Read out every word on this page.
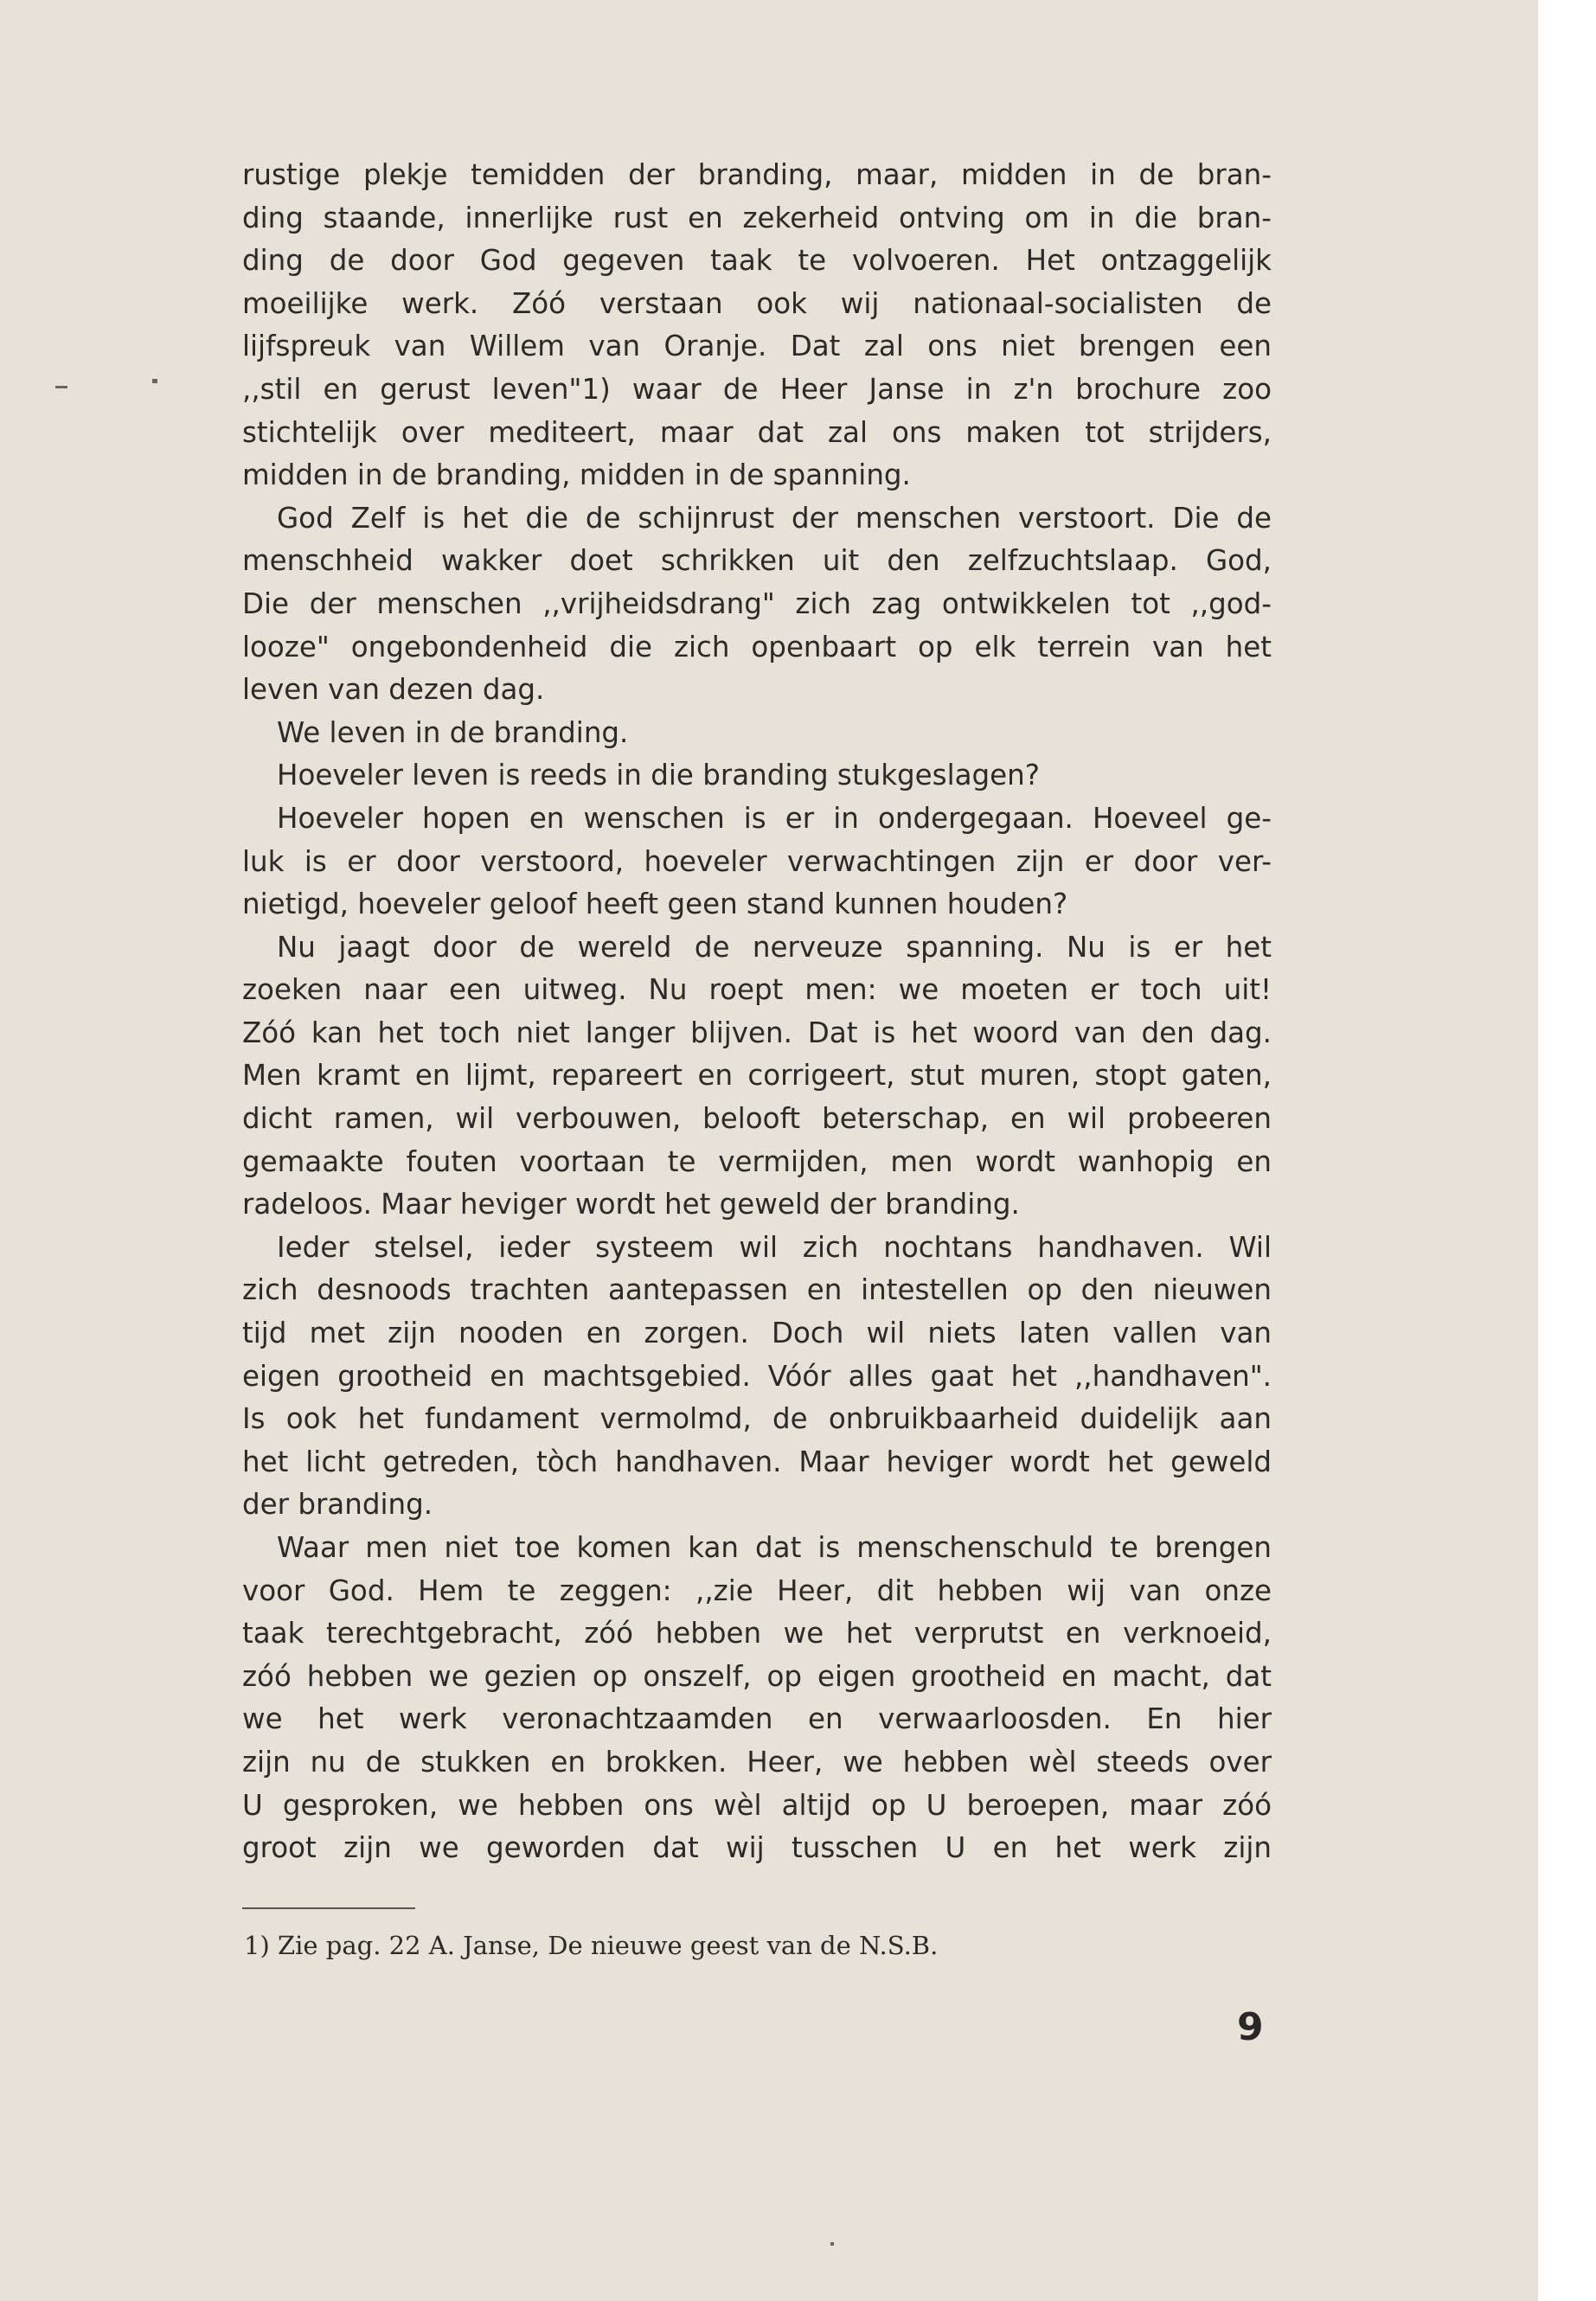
rustige plekje temidden der branding, maar, midden in de bran-
ding staande, innerlijke rust en zekerheid ontving om in die bran-
ding de door God gegeven taak te volvoeren. Het ontzaggelijk
moeilijke werk. Zóó verstaan ook wij nationaal-socialisten de
lijfspreuk van Willem van Oranje. Dat zal ons niet brengen een
,,stil en gerust leven"1) waar de Heer Janse in z'n brochure zoo
stichtelijk over mediteert, maar dat zal ons maken tot strijders,
midden in de branding, midden in de spanning.
God Zelf is het die de schijnrust der menschen verstoort. Die de
menschheid wakker doet schrikken uit den zelfzuchtslaap. God,
Die der menschen ,,vrijheidsdrang" zich zag ontwikkelen tot ,,god-
looze" ongebondenheid die zich openbaart op elk terrein van het
leven van dezen dag.
We leven in de branding.
Hoeveler leven is reeds in die branding stukgeslagen?
Hoeveler hopen en wenschen is er in ondergegaan. Hoeveel ge-
luk is er door verstoord, hoeveler verwachtingen zijn er door ver-
nietigd, hoeveler geloof heeft geen stand kunnen houden?
Nu jaagt door de wereld de nerveuze spanning. Nu is er het
zoeken naar een uitweg. Nu roept men: we moeten er toch uit!
Zóó kan het toch niet langer blijven. Dat is het woord van den dag.
Men kramt en lijmt, repareert en corrigeert, stut muren, stopt gaten,
dicht ramen, wil verbouwen, belooft beterschap, en wil probeeren
gemaakte fouten voortaan te vermijden, men wordt wanhopig en
radeloos. Maar heviger wordt het geweld der branding.
Ieder stelsel, ieder systeem wil zich nochtans handhaven. Wil
zich desnoods trachten aantepassen en intestellen op den nieuwen
tijd met zijn nooden en zorgen. Doch wil niets laten vallen van
eigen grootheid en machtsgebied. Vóór alles gaat het ,,handhaven".
Is ook het fundament vermolmd, de onbruikbaarheid duidelijk aan
het licht getreden, tòch handhaven. Maar heviger wordt het geweld
der branding.
Waar men niet toe komen kan dat is menschenschuld te brengen
voor God. Hem te zeggen: ,,zie Heer, dit hebben wij van onze
taak terechtgebracht, zóó hebben we het verprutst en verknoeid,
zóó hebben we gezien op onszelf, op eigen grootheid en macht, dat
we het werk veronachtzaamden en verwaarloosden. En hier
zijn nu de stukken en brokken. Heer, we hebben wèl steeds over
U gesproken, we hebben ons wèl altijd op U beroepen, maar zóó
groot zijn we geworden dat wij tusschen U en het werk zijn
1) Zie pag. 22 A. Janse, De nieuwe geest van de N.S.B.
9
